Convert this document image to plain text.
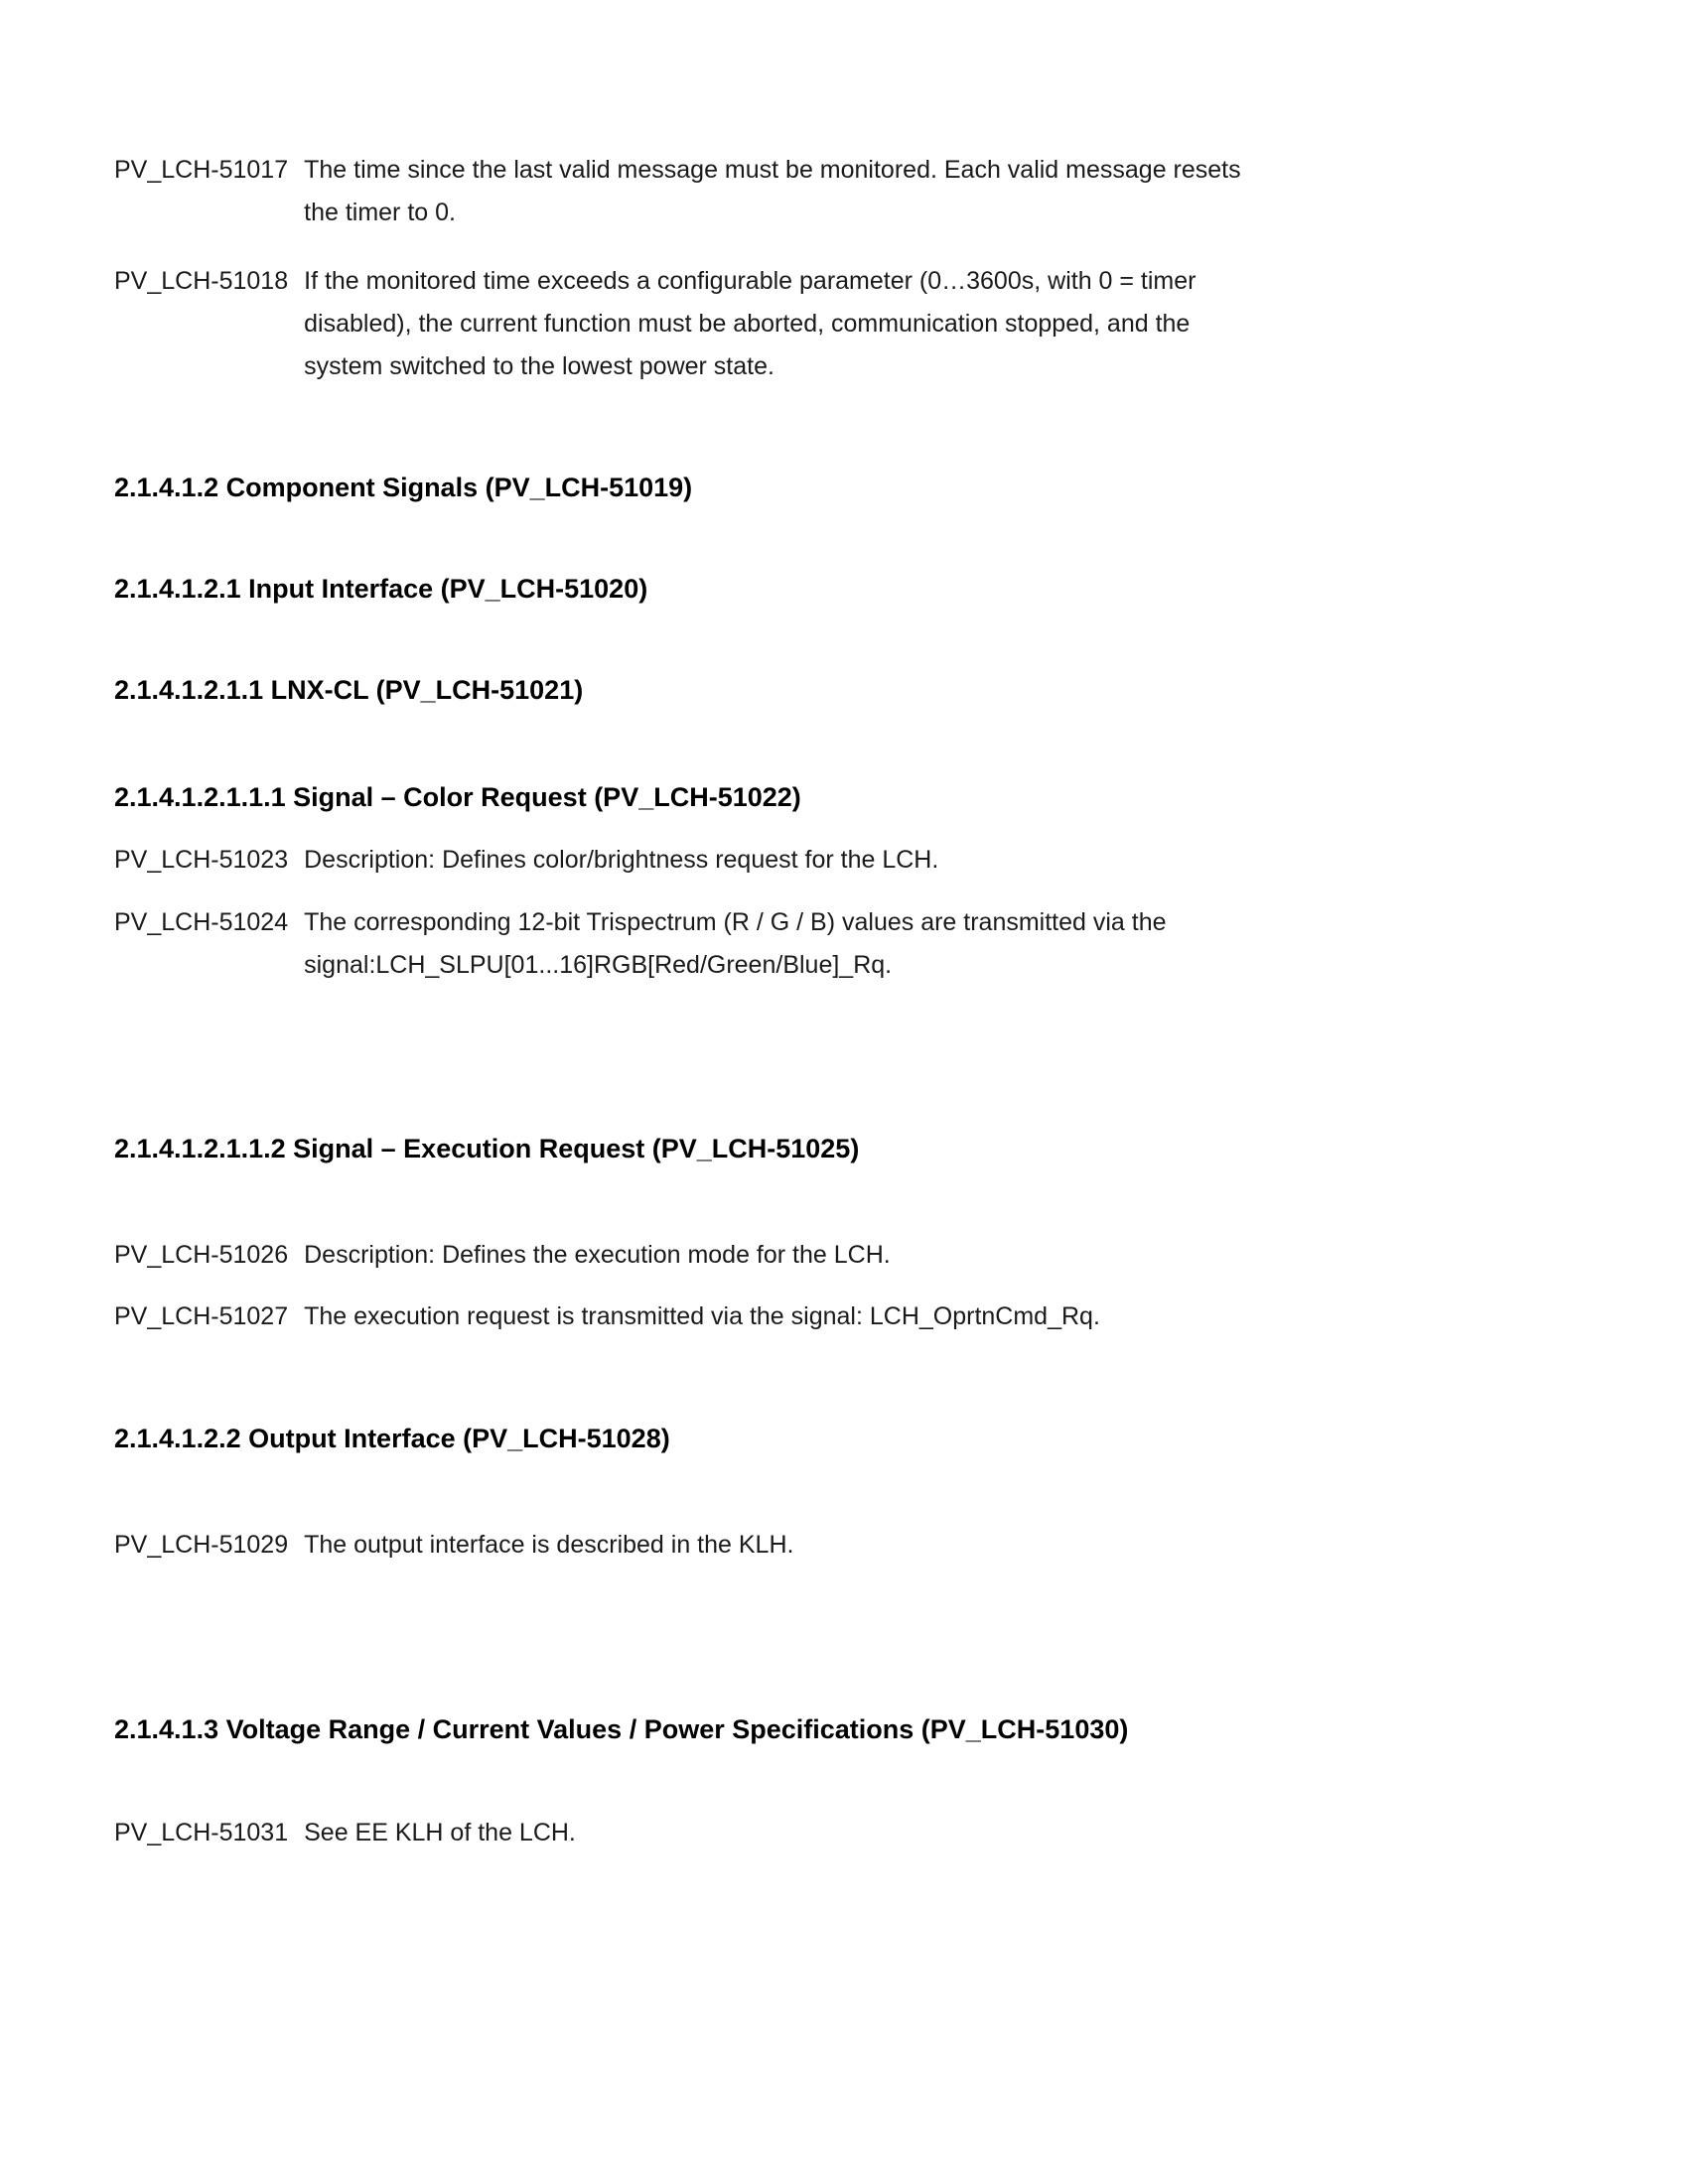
PV_LCH-51017 The time since the last valid message must be monitored. Each valid message resets
the timer to 0.
PV_LCH-51018 If the monitored time exceeds a configurable parameter (0…3600s, with 0 = timer
disabled), the current function must be aborted, communication stopped, and the
system switched to the lowest power state.
2.1.4.1.2 Component Signals (PV_LCH-51019)
2.1.4.1.2.1 Input Interface (PV_LCH-51020)
2.1.4.1.2.1.1 LNX-CL (PV_LCH-51021)
2.1.4.1.2.1.1.1 Signal – Color Request (PV_LCH-51022)
PV_LCH-51023 Description: Defines color/brightness request for the LCH.
PV_LCH-51024 The corresponding 12-bit Trispectrum (R / G / B) values are transmitted via the
signal:LCH_SLPU[01...16]RGB[Red/Green/Blue]_Rq.
2.1.4.1.2.1.1.2 Signal – Execution Request (PV_LCH-51025)
PV_LCH-51026 Description: Defines the execution mode for the LCH.
PV_LCH-51027 The execution request is transmitted via the signal: LCH_OprtnCmd_Rq.
2.1.4.1.2.2 Output Interface (PV_LCH-51028)
PV_LCH-51029 The output interface is described in the KLH.
2.1.4.1.3 Voltage Range / Current Values / Power Specifications (PV_LCH-51030)
PV_LCH-51031 See EE KLH of the LCH.
